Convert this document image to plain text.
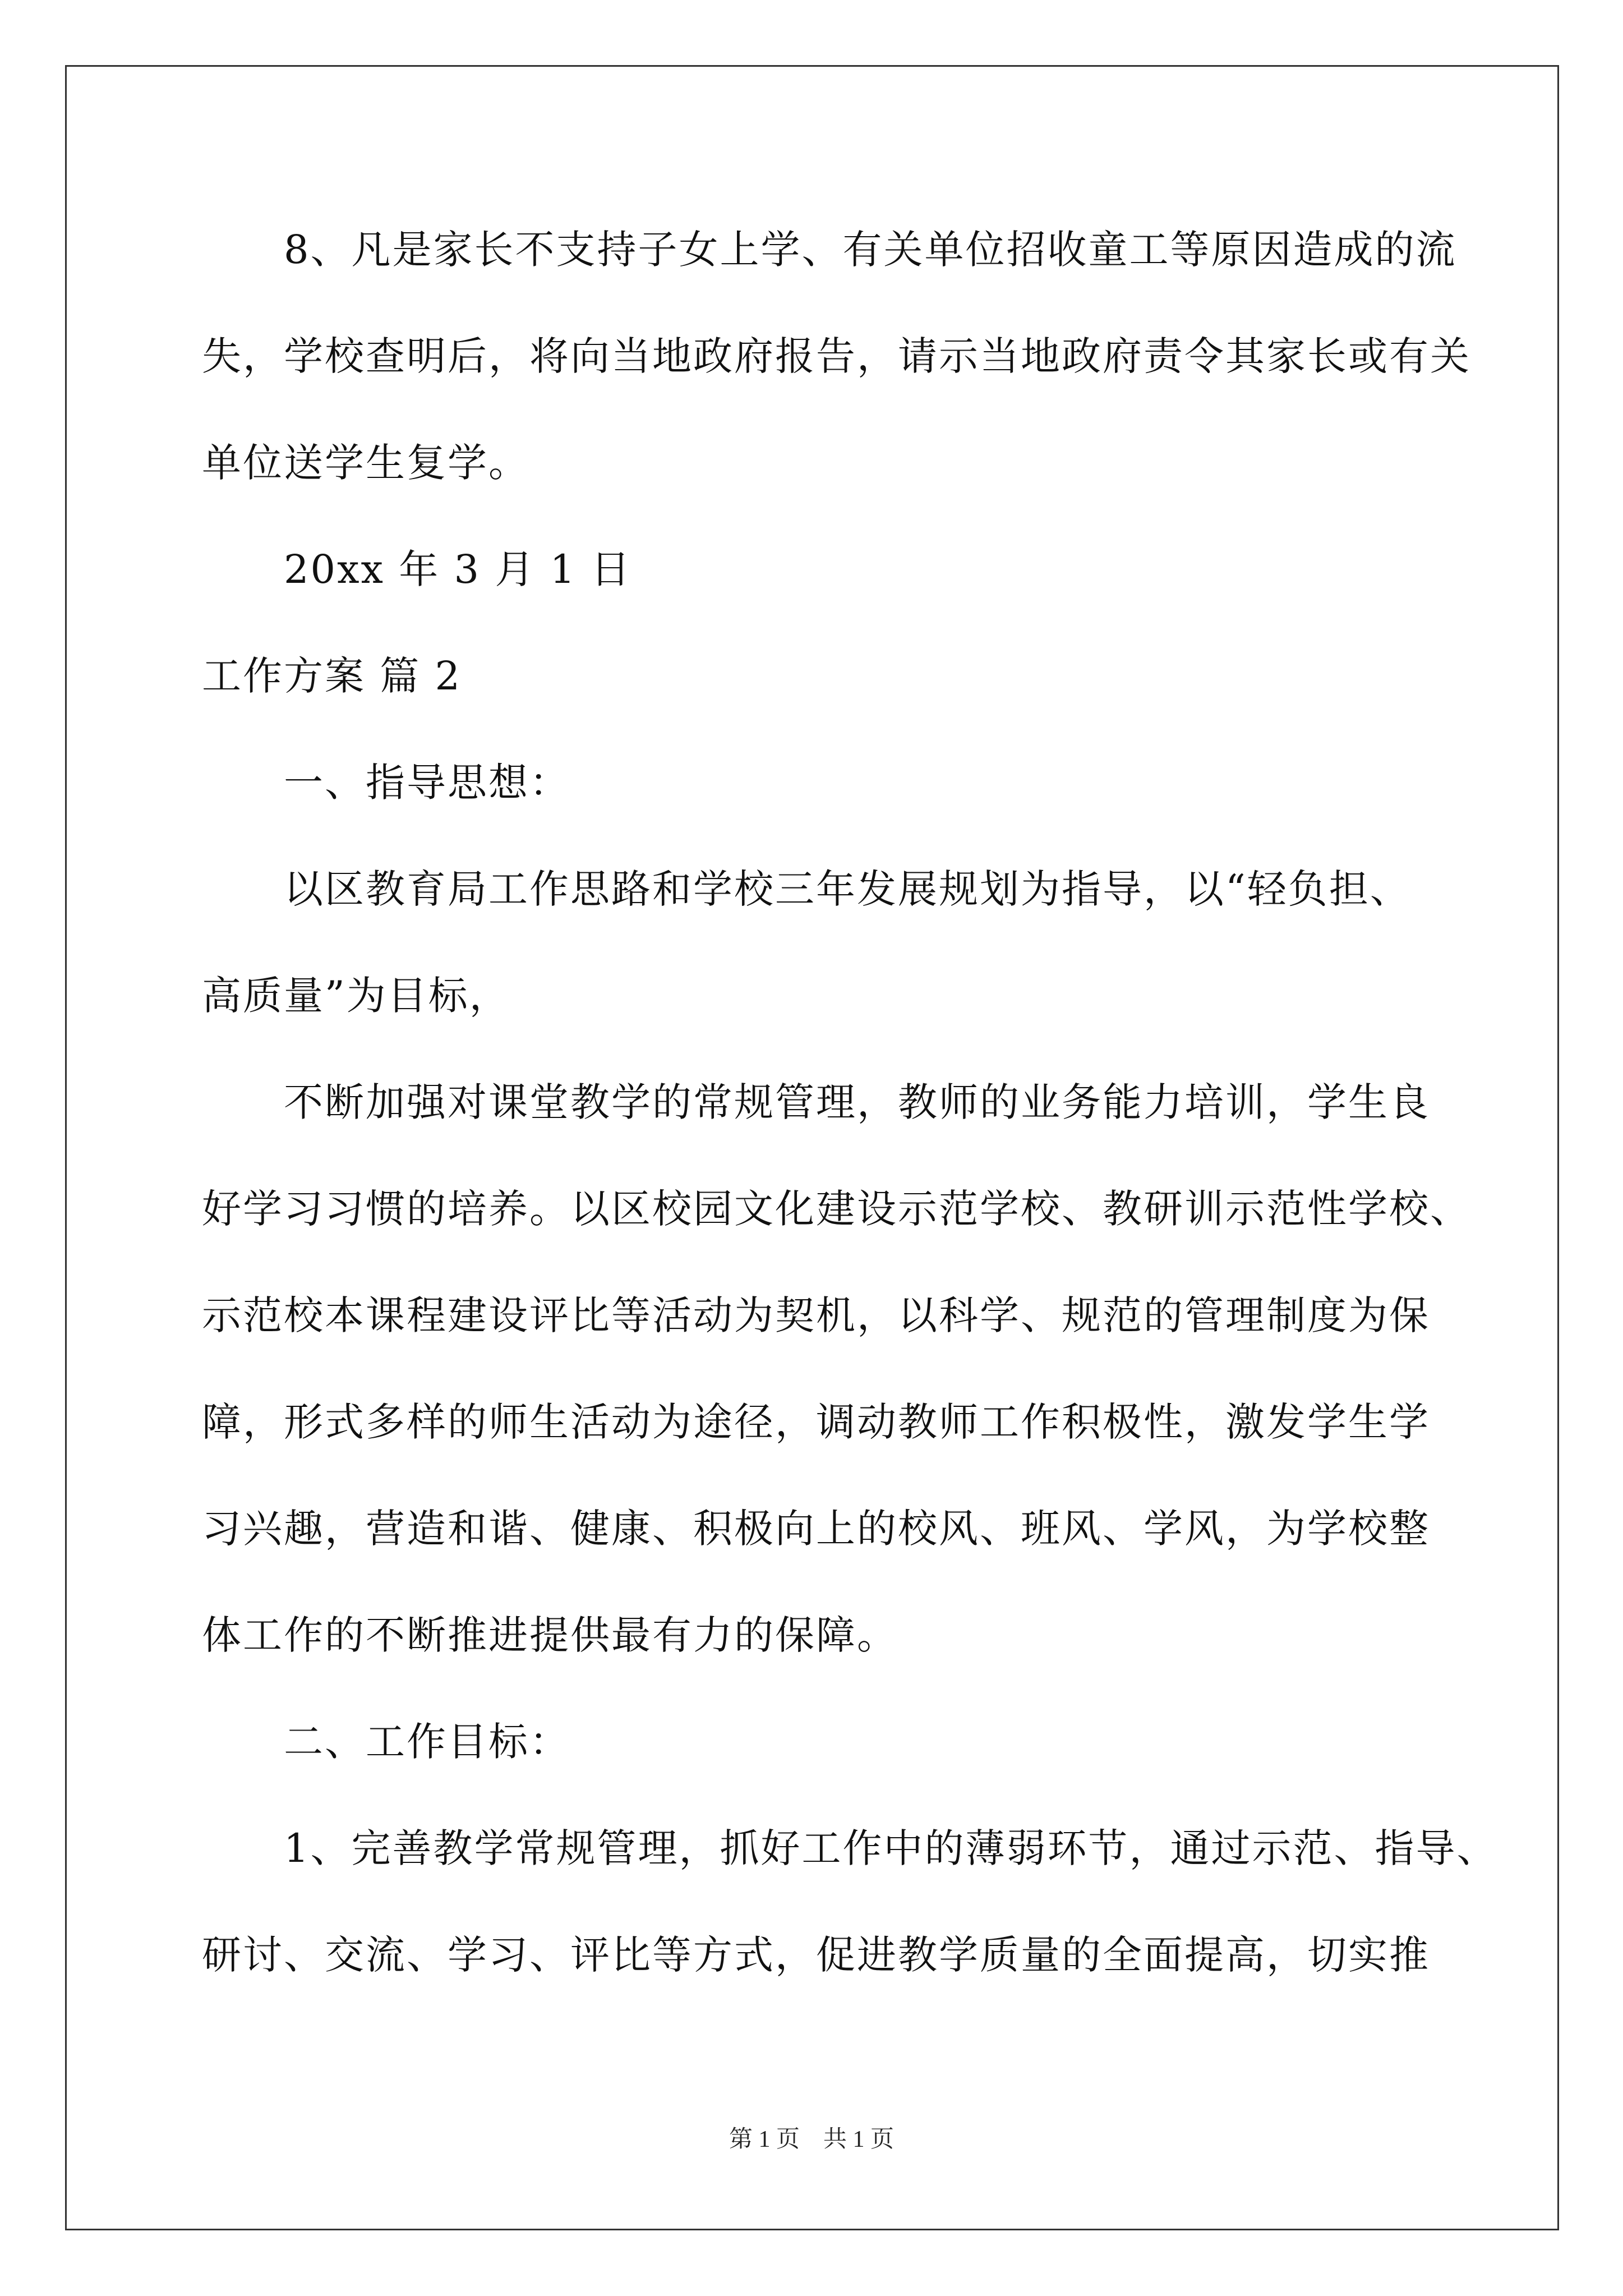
　　8、凡是家长不支持子女上学、有关单位招收童工等原因造成的流
失，学校查明后，将向当地政府报告，请示当地政府责令其家长或有关
单位送学生复学。
　　20xx 年 3 月 1 日
工作方案 篇 2
　　一、指导思想：
　　以区教育局工作思路和学校三年发展规划为指导，以“轻负担、
高质量”为目标，
　　不断加强对课堂教学的常规管理，教师的业务能力培训，学生良
好学习习惯的培养。以区校园文化建设示范学校、教研训示范性学校、
示范校本课程建设评比等活动为契机，以科学、规范的管理制度为保
障，形式多样的师生活动为途径，调动教师工作积极性，激发学生学
习兴趣，营造和谐、健康、积极向上的校风、班风、学风，为学校整
体工作的不断推进提供最有力的保障。
　　二、工作目标：
　　1、完善教学常规管理，抓好工作中的薄弱环节，通过示范、指导、
研讨、交流、学习、评比等方式，促进教学质量的全面提高，切实推
第 1 页　共 1 页
